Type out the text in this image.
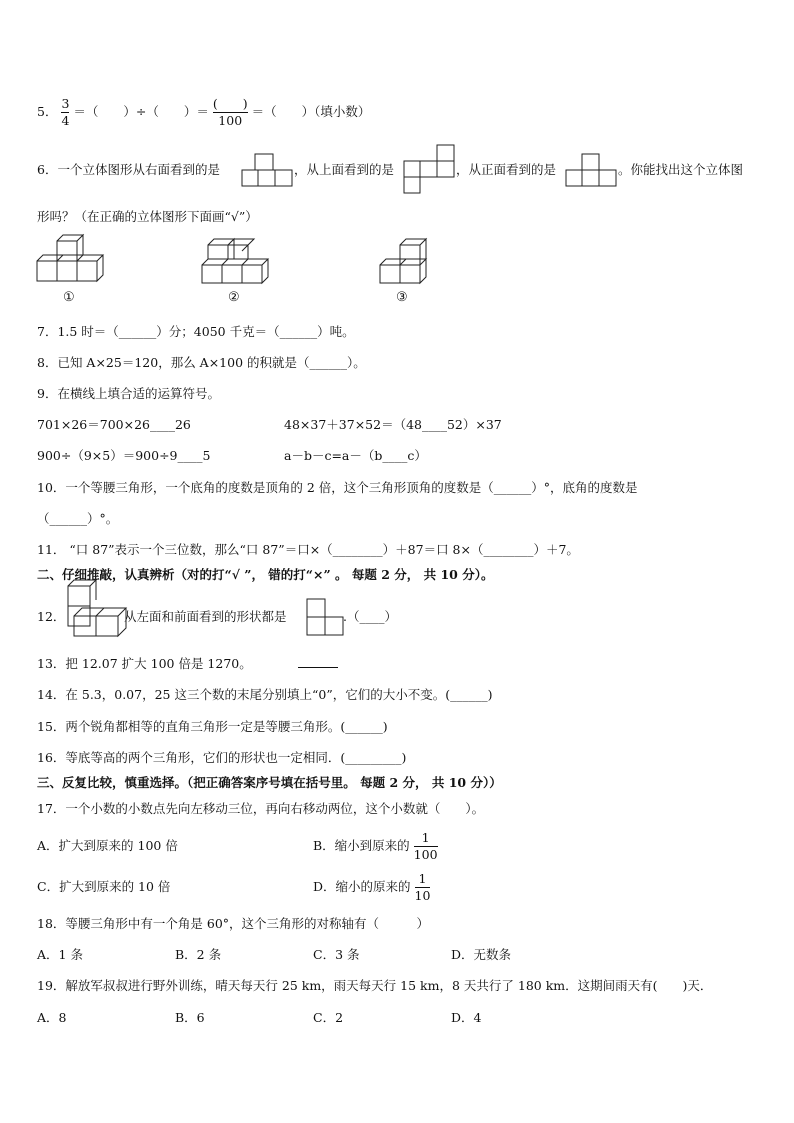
5． $\frac{3}{4}$ ＝（　　）÷（　　）＝ $\frac{( )}{100}$ ＝（　　）（填小数）
6．一个立体图形从右面看到的是	，从上面看到的是	，从正面看到的是	。你能找出这个立体图
形吗？（在正确的立体图形下面画“√”）
①	②	③
7．1.5 时＝（______）分；4050 千克＝（______）吨。
8．已知 A×25＝120，那么 A×100 的积就是（______）。
9．在横线上填合适的运算符号。
701×26＝700×26____26	48×37＋37×52＝（48____52）×37
900÷（9×5）＝900÷9____5	a－b－c=a－（b____c）
10．一个等腰三角形，一个底角的度数是顶角的 2 倍，这个三角形顶角的度数是（______）°，底角的度数是
（______）°。
11． “口 87”表示一个三位数，那么“口 87”＝口×（________）＋87＝口 8×（________）＋7。
二、仔细推敲，认真辨析（对的打“√ ”， 错的打“×” 。 每题 2 分， 共 10 分）。
12．	从左面和前面看到的形状都是	.（____）
13．把 12.07 扩大 100 倍是 1270。
14．在 5.3，0.07，25 这三个数的末尾分别填上“0”，它们的大小不变。(______)
15．两个锐角都相等的直角三角形一定是等腰三角形。(______)
16．等底等高的两个三角形，它们的形状也一定相同．(_________)
三、反复比较，慎重选择。（把正确答案序号填在括号里。 每题 2 分， 共 10 分））
17．一个小数的小数点先向左移动三位，再向右移动两位，这个小数就（　　）。
A．扩大到原来的 100 倍	B．缩小到原来的 $\frac{1}{100}$
C．扩大到原来的 10 倍	D．缩小的原来的 $\frac{1}{10}$
18．等腰三角形中有一个角是 60°，这个三角形的对称轴有（　　　）
A．1 条	B．2 条	C．3 条	D．无数条
19．解放军叔叔进行野外训练，晴天每天行 25 km，雨天每天行 15 km，8 天共行了 180 km．这期间雨天有(　　)天．
A．8	B．6	C．2	D．4
